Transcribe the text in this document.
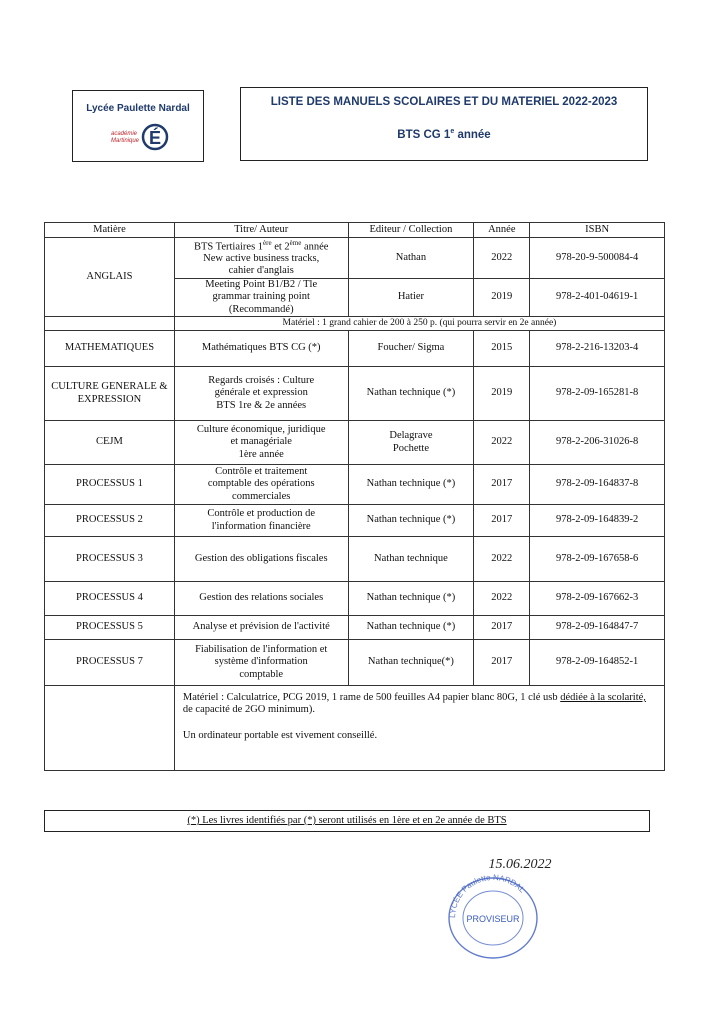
Lycée Paulette Nardal
académie
Martinique É
LISTE DES MANUELS SCOLAIRES ET DU MATERIEL 2022-2023
BTS CG 1e année
Matière	Titre/ Auteur	Editeur / Collection	Année	ISBN
ANGLAIS	BTS Tertiaires 1ère et 2ème année
New active business tracks,
cahier d'anglais	Nathan	2022	978-20-9-500084-4
	Meeting Point B1/B2 / Tle
grammar training point
(Recommandé)	Hatier	2019	978-2-401-04619-1
	Matériel : 1 grand cahier de 200 à 250 p. (qui pourra servir en 2e année)			
MATHEMATIQUES	Mathématiques BTS CG (*)	Foucher/ Sigma	2015	978-2-216-13203-4
CULTURE GENERALE & EXPRESSION	Regards croisés : Culture
générale et expression
BTS 1re & 2e années	Nathan technique (*)	2019	978-2-09-165281-8
CEJM	Culture économique, juridique
et managériale
1ère année	Delagrave
Pochette	2022	978-2-206-31026-8
PROCESSUS 1	Contrôle et traitement
comptable des opérations
commerciales	Nathan technique (*)	2017	978-2-09-164837-8
PROCESSUS 2	Contrôle et production de
l'information financière	Nathan technique (*)	2017	978-2-09-164839-2
PROCESSUS 3	Gestion des obligations fiscales	Nathan technique	2022	978-2-09-167658-6
PROCESSUS 4	Gestion des relations sociales	Nathan technique (*)	2022	978-2-09-167662-3
PROCESSUS 5	Analyse et prévision de l'activité	Nathan technique (*)	2017	978-2-09-164847-7
PROCESSUS 7	Fiabilisation de l'information et
système d'information
comptable	Nathan technique(*)	2017	978-2-09-164852-1

	Matériel : Calculatrice, PCG 2019, 1 rame de 500 feuilles A4 papier blanc 80G, 1 clé usb dédiée à la scolarité, de capacité de 2GO minimum).

Un ordinateur portable est vivement conseillé.			

(*) Les livres identifiés par (*) seront utilisés en 1ère et en 2e année de BTS
LYCÉE Paulette NARDAL
PROVISEUR
15.06.2022
